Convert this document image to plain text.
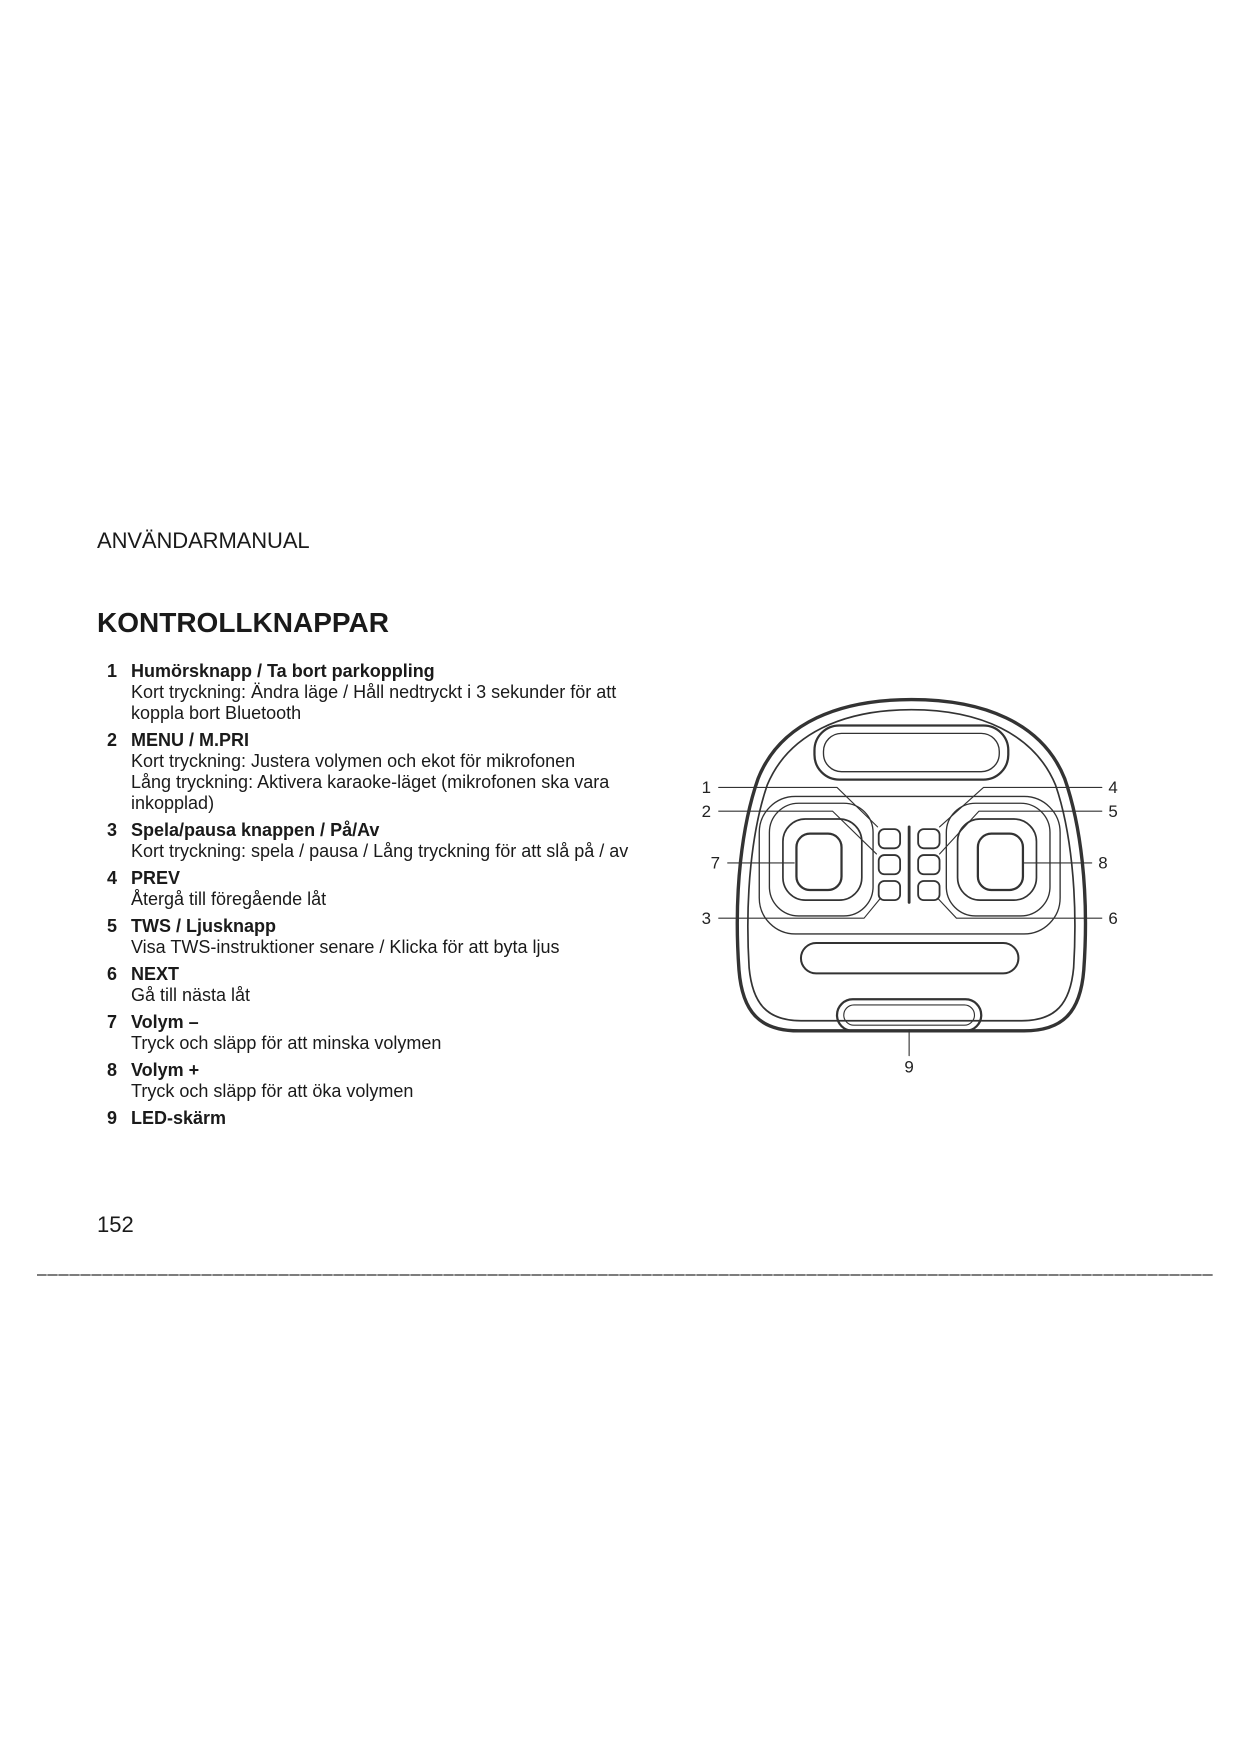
ANVÄNDARMANUAL
KONTROLLKNAPPAR
1 Humörsknapp / Ta bort parkoppling
Kort tryckning: Ändra läge / Håll nedtryckt i 3 sekunder för att
koppla bort Bluetooth
2 MENU / M.PRI
Kort tryckning: Justera volymen och ekot för mikrofonen
Lång tryckning: Aktivera karaoke-läget (mikrofonen ska vara
inkopplad)
3 Spela/pausa knappen / På/Av
Kort tryckning: spela / pausa / Lång tryckning för att slå på / av
4 PREV
Återgå till föregående låt
5 TWS / Ljusknapp
Visa TWS-instruktioner senare / Klicka för att byta ljus
6 NEXT
Gå till nästa låt
7 Volym –
Tryck och släpp för att minska volymen
8 Volym +
Tryck och släpp för att öka volymen
9 LED-skärm
1
2
7
3
4
5
8
6
9
152
